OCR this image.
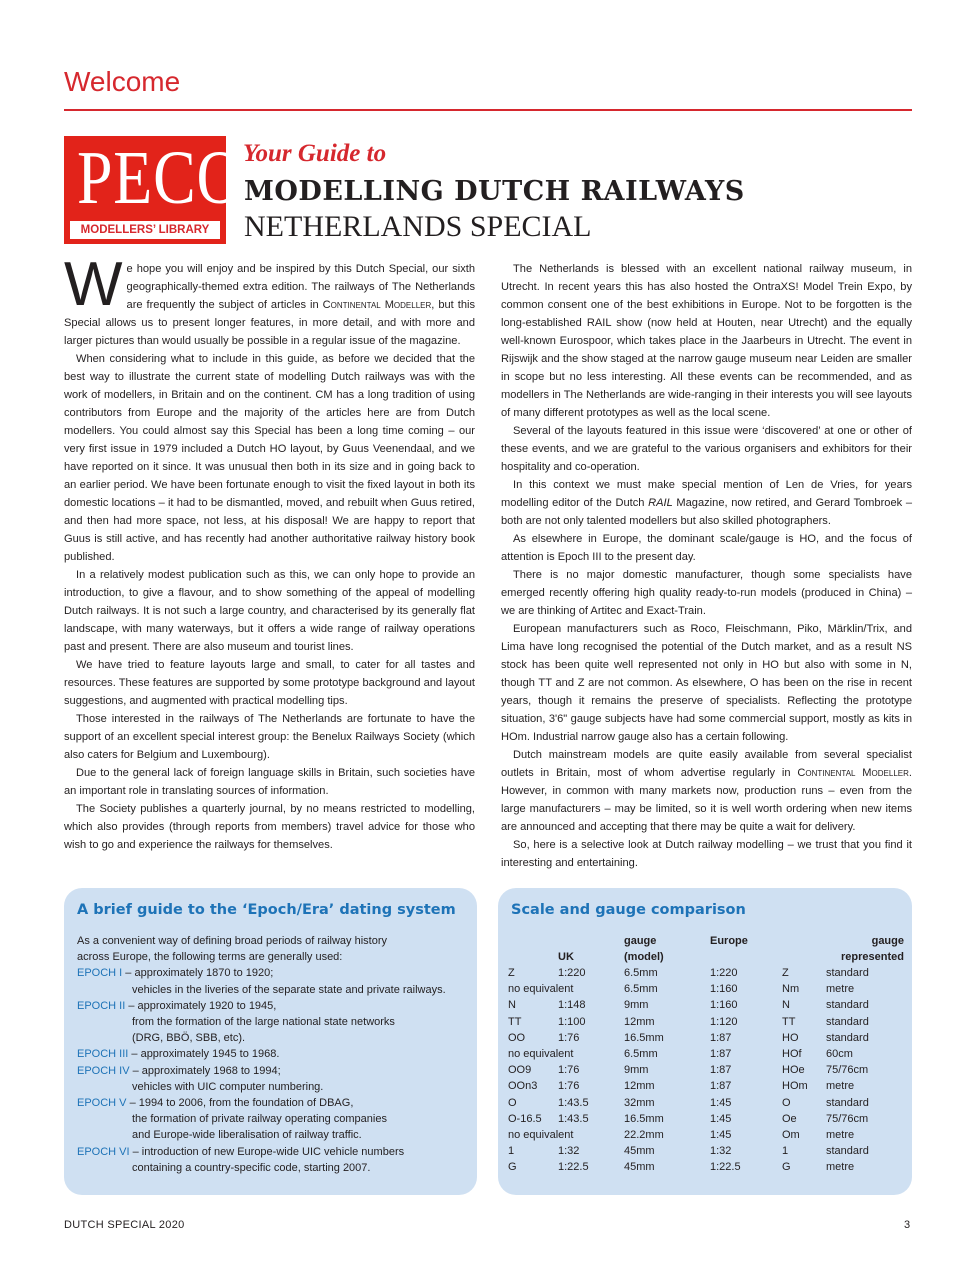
Welcome
PECO
MODELLERS’ LIBRARY
Your Guide to
MODELLING DUTCH RAILWAYS
NETHERLANDS SPECIAL

We hope you will enjoy and be inspired by this Dutch Special, our sixth geographically-themed extra edition. The railways of The Netherlands are frequently the subject of articles in Continental Modeller, but this Special allows us to present longer features, in more detail, and with more and larger pictures than would usually be possible in a regular issue of the magazine.

When considering what to include in this guide, as before we decided that the best way to illustrate the current state of modelling Dutch railways was with the work of modellers, in Britain and on the continent. CM has a long tradition of using contributors from Europe and the majority of the articles here are from Dutch modellers. You could almost say this Special has been a long time coming – our very first issue in 1979 included a Dutch HO layout, by Guus Veenendaal, and we have reported on it since. It was unusual then both in its size and in going back to an earlier period. We have been fortunate enough to visit the fixed layout in both its domestic locations – it had to be dismantled, moved, and rebuilt when Guus retired, and then had more space, not less, at his disposal! We are happy to report that Guus is still active, and has recently had another authoritative railway history book published.

In a relatively modest publication such as this, we can only hope to provide an introduction, to give a flavour, and to show something of the appeal of modelling Dutch railways. It is not such a large country, and characterised by its generally flat landscape, with many waterways, but it offers a wide range of railway operations past and present. There are also museum and tourist lines.

We have tried to feature layouts large and small, to cater for all tastes and resources. These features are supported by some prototype background and layout suggestions, and augmented with practical modelling tips.

Those interested in the railways of The Netherlands are fortunate to have the support of an excellent special interest group: the Benelux Railways Society (which also caters for Belgium and Luxembourg).

Due to the general lack of foreign language skills in Britain, such societies have an important role in translating sources of information.

The Society publishes a quarterly journal, by no means restricted to modelling, which also provides (through reports from members) travel advice for those who wish to go and experience the railways for themselves.

The Netherlands is blessed with an excellent national railway museum, in Utrecht. In recent years this has also hosted the OntraXS! Model Trein Expo, by common consent one of the best exhibitions in Europe. Not to be forgotten is the long-established RAIL show (now held at Houten, near Utrecht) and the equally well-known Eurospoor, which takes place in the Jaarbeurs in Utrecht. The event in Rijswijk and the show staged at the narrow gauge museum near Leiden are smaller in scope but no less interesting. All these events can be recommended, and as modellers in The Netherlands are wide-ranging in their interests you will see layouts of many different prototypes as well as the local scene.

Several of the layouts featured in this issue were ‘discovered’ at one or other of these events, and we are grateful to the various organisers and exhibitors for their hospitality and co-operation.

In this context we must make special mention of Len de Vries, for years modelling editor of the Dutch RAIL Magazine, now retired, and Gerard Tombroek – both are not only talented modellers but also skilled photographers.

As elsewhere in Europe, the dominant scale/gauge is HO, and the focus of attention is Epoch III to the present day.

There is no major domestic manufacturer, though some specialists have emerged recently offering high quality ready-to-run models (produced in China) – we are thinking of Artitec and Exact-Train.

European manufacturers such as Roco, Fleischmann, Piko, Märklin/Trix, and Lima have long recognised the potential of the Dutch market, and as a result NS stock has been quite well represented not only in HO but also with some in N, though TT and Z are not common. As elsewhere, O has been on the rise in recent years, though it remains the preserve of specialists. Reflecting the prototype situation, 3'6" gauge subjects have had some commercial support, mostly as kits in HOm. Industrial narrow gauge also has a certain following.

Dutch mainstream models are quite easily available from several specialist outlets in Britain, most of whom advertise regularly in Continental Modeller. However, in common with many markets now, production runs – even from the large manufacturers – may be limited, so it is well worth ordering when new items are announced and accepting that there may be quite a wait for delivery.

So, here is a selective look at Dutch railway modelling – we trust that you find it interesting and entertaining.

A brief guide to the ‘Epoch/Era’ dating system
As a convenient way of defining broad periods of railway history
across Europe, the following terms are generally used:
EPOCH I – approximately 1870 to 1920;
vehicles in the liveries of the separate state and private railways.
EPOCH II – approximately 1920 to 1945,
from the formation of the large national state networks
(DRG, BBÖ, SBB, etc).
EPOCH III – approximately 1945 to 1968.
EPOCH IV – approximately 1968 to 1994;
vehicles with UIC computer numbering.
EPOCH V – 1994 to 2006, from the foundation of DBAG,
the formation of private railway operating companies
and Europe-wide liberalisation of railway traffic.
EPOCH VI – introduction of new Europe-wide UIC vehicle numbers
containing a country-specific code, starting 2007.
Scale and gauge comparison
	UK	gauge
(model)	Europe		gauge
represented
Z	1:220	6.5mm	1:220	Z	standard
no equivalent		6.5mm	1:160	Nm	metre
N	1:148	9mm	1:160	N	standard
TT	1:100	12mm	1:120	TT	standard
OO	1:76	16.5mm	1:87	HO	standard
no equivalent		6.5mm	1:87	HOf	60cm
OO9	1:76	9mm	1:87	HOe	75/76cm
OOn3	1:76	12mm	1:87	HOm	metre
O	1:43.5	32mm	1:45	O	standard
O-16.5	1:43.5	16.5mm	1:45	Oe	75/76cm
no equivalent		22.2mm	1:45	Om	metre
1	1:32	45mm	1:32	1	standard
G	1:22.5	45mm	1:22.5	G	metre
DUTCH SPECIAL 2020	3
